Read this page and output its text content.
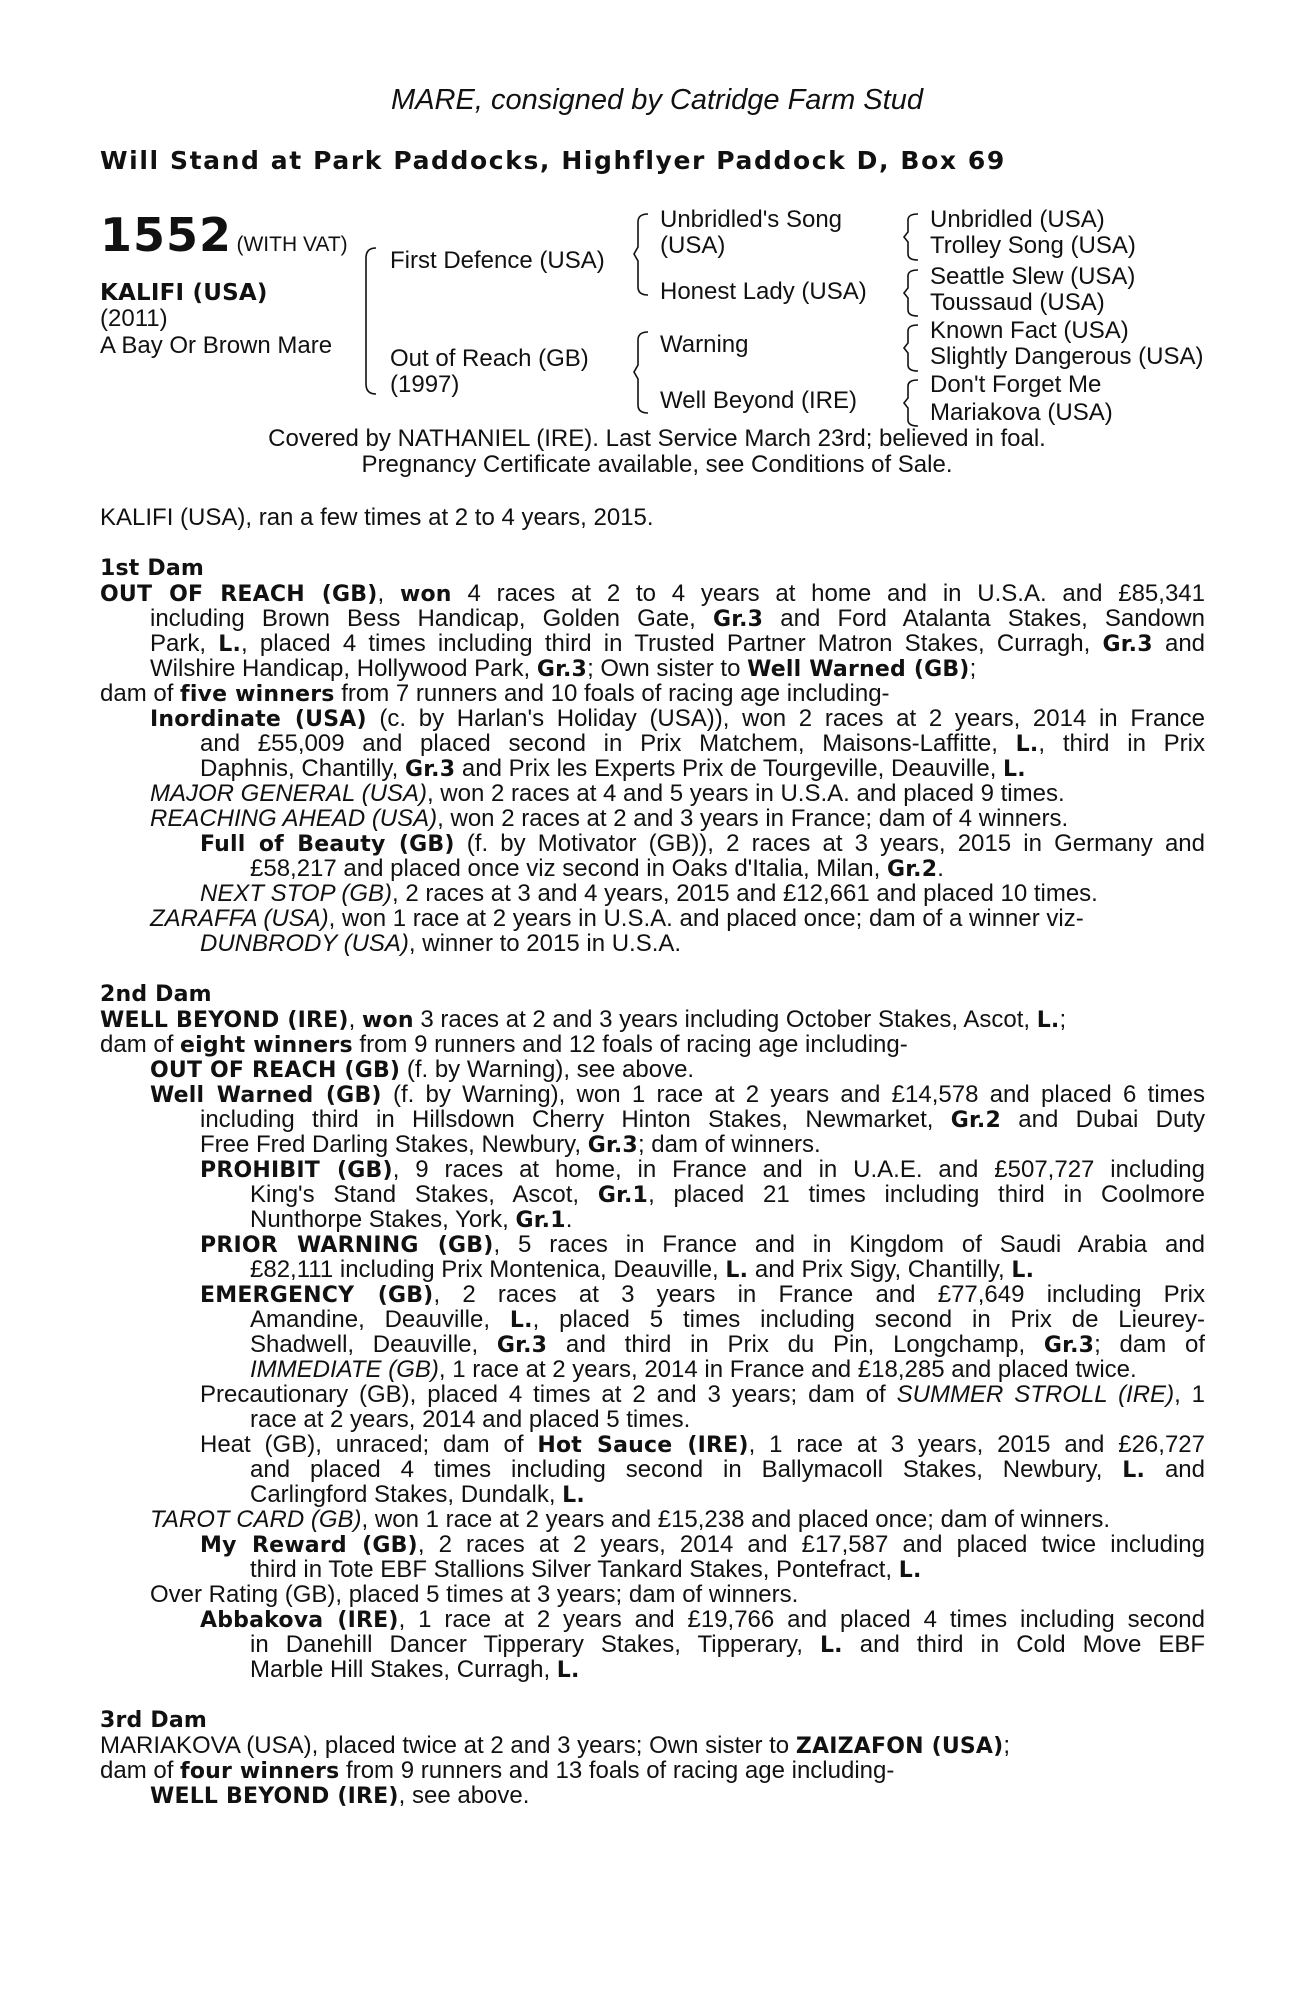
MARE, consigned by Catridge Farm Stud
Will Stand at Park Paddocks, Highflyer Paddock D, Box 69
1552 (WITH VAT)
KALIFI (USA)
(2011)
A Bay Or Brown Mare
First Defence (USA)
Out of Reach (GB)
(1997)
Unbridled's Song
(USA)
Honest Lady (USA)
Warning
Well Beyond (IRE)
Unbridled (USA)
Trolley Song (USA)
Seattle Slew (USA)
Toussaud (USA)
Known Fact (USA)
Slightly Dangerous (USA)
Don't Forget Me
Mariakova (USA)
Covered by NATHANIEL (IRE). Last Service March 23rd; believed in foal.
Pregnancy Certificate available, see Conditions of Sale.
KALIFI (USA), ran a few times at 2 to 4 years, 2015.
1st Dam
OUT OF REACH (GB), won 4 races at 2 to 4 years at home and in U.S.A. and £85,341
including Brown Bess Handicap, Golden Gate, Gr.3 and Ford Atalanta Stakes, Sandown
Park, L., placed 4 times including third in Trusted Partner Matron Stakes, Curragh, Gr.3 and
Wilshire Handicap, Hollywood Park, Gr.3; Own sister to Well Warned (GB);
dam of five winners from 7 runners and 10 foals of racing age including-
Inordinate (USA) (c. by Harlan's Holiday (USA)), won 2 races at 2 years, 2014 in France
and £55,009 and placed second in Prix Matchem, Maisons-Laffitte, L., third in Prix
Daphnis, Chantilly, Gr.3 and Prix les Experts Prix de Tourgeville, Deauville, L.
MAJOR GENERAL (USA), won 2 races at 4 and 5 years in U.S.A. and placed 9 times.
REACHING AHEAD (USA), won 2 races at 2 and 3 years in France; dam of 4 winners.
Full of Beauty (GB) (f. by Motivator (GB)), 2 races at 3 years, 2015 in Germany and
£58,217 and placed once viz second in Oaks d'Italia, Milan, Gr.2.
NEXT STOP (GB), 2 races at 3 and 4 years, 2015 and £12,661 and placed 10 times.
ZARAFFA (USA), won 1 race at 2 years in U.S.A. and placed once; dam of a winner viz-
DUNBRODY (USA), winner to 2015 in U.S.A.
2nd Dam
WELL BEYOND (IRE), won 3 races at 2 and 3 years including October Stakes, Ascot, L.;
dam of eight winners from 9 runners and 12 foals of racing age including-
OUT OF REACH (GB) (f. by Warning), see above.
Well Warned (GB) (f. by Warning), won 1 race at 2 years and £14,578 and placed 6 times
including third in Hillsdown Cherry Hinton Stakes, Newmarket, Gr.2 and Dubai Duty
Free Fred Darling Stakes, Newbury, Gr.3; dam of winners.
PROHIBIT (GB), 9 races at home, in France and in U.A.E. and £507,727 including
King's Stand Stakes, Ascot, Gr.1, placed 21 times including third in Coolmore
Nunthorpe Stakes, York, Gr.1.
PRIOR WARNING (GB), 5 races in France and in Kingdom of Saudi Arabia and
£82,111 including Prix Montenica, Deauville, L. and Prix Sigy, Chantilly, L.
EMERGENCY (GB), 2 races at 3 years in France and £77,649 including Prix
Amandine, Deauville, L., placed 5 times including second in Prix de Lieurey-
Shadwell, Deauville, Gr.3 and third in Prix du Pin, Longchamp, Gr.3; dam of
IMMEDIATE (GB), 1 race at 2 years, 2014 in France and £18,285 and placed twice.
Precautionary (GB), placed 4 times at 2 and 3 years; dam of SUMMER STROLL (IRE), 1
race at 2 years, 2014 and placed 5 times.
Heat (GB), unraced; dam of Hot Sauce (IRE), 1 race at 3 years, 2015 and £26,727
and placed 4 times including second in Ballymacoll Stakes, Newbury, L. and
Carlingford Stakes, Dundalk, L.
TAROT CARD (GB), won 1 race at 2 years and £15,238 and placed once; dam of winners.
My Reward (GB), 2 races at 2 years, 2014 and £17,587 and placed twice including
third in Tote EBF Stallions Silver Tankard Stakes, Pontefract, L.
Over Rating (GB), placed 5 times at 3 years; dam of winners.
Abbakova (IRE), 1 race at 2 years and £19,766 and placed 4 times including second
in Danehill Dancer Tipperary Stakes, Tipperary, L. and third in Cold Move EBF
Marble Hill Stakes, Curragh, L.
3rd Dam
MARIAKOVA (USA), placed twice at 2 and 3 years; Own sister to ZAIZAFON (USA);
dam of four winners from 9 runners and 13 foals of racing age including-
WELL BEYOND (IRE), see above.
